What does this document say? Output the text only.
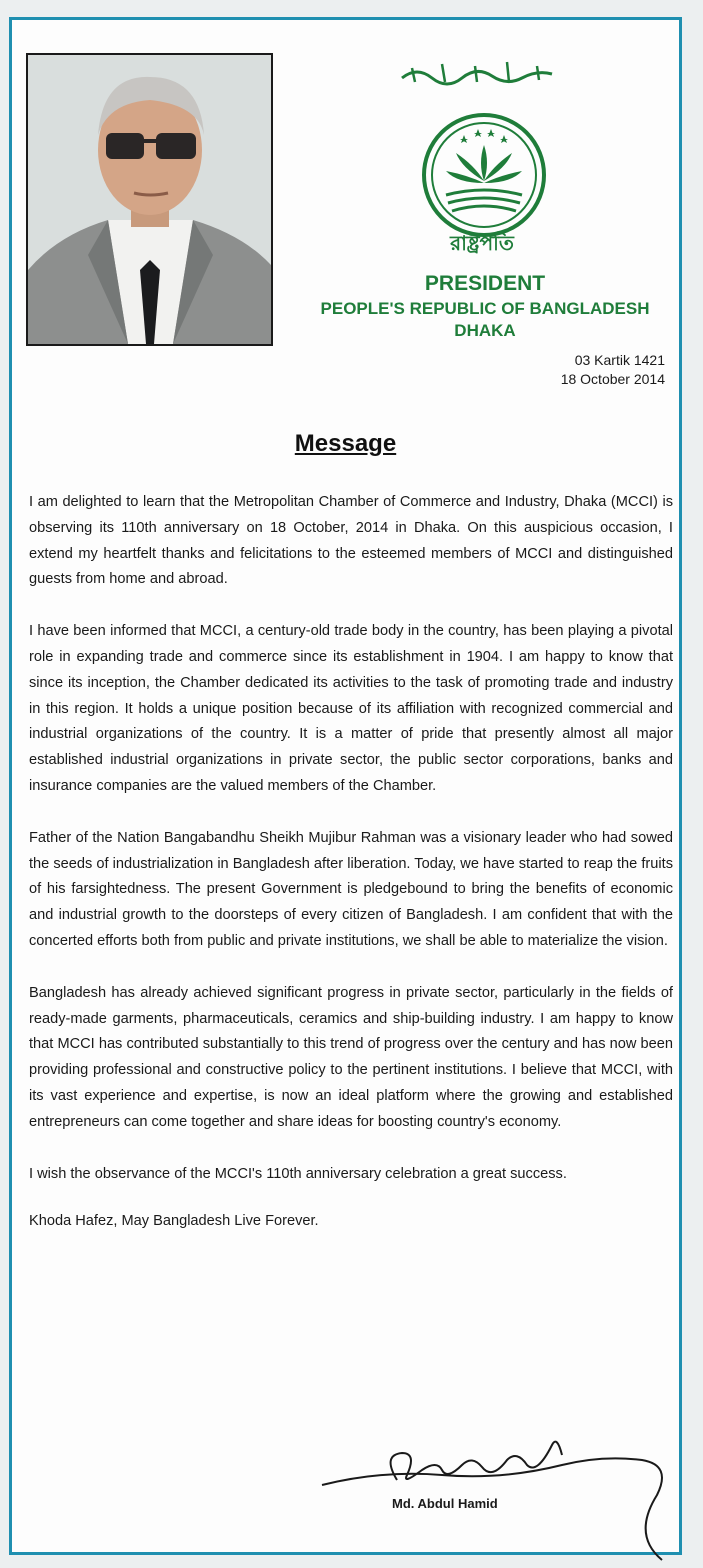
রাষ্ট্রপতি
PRESIDENT
PEOPLE'S REPUBLIC OF BANGLADESH
DHAKA
03 Kartik 1421
18 October 2014
Message

I am delighted to learn that the Metropolitan Chamber of Commerce and Industry, Dhaka (MCCI) is observing its 110th anniversary on 18 October, 2014 in Dhaka. On this auspicious occasion, I extend my heartfelt thanks and felicitations to the esteemed members of MCCI and distinguished guests from home and abroad.

I have been informed that MCCI, a century-old trade body in the country, has been playing a pivotal role in expanding trade and commerce since its establishment in 1904. I am happy to know that since its inception, the Chamber dedicated its activities to the task of promoting trade and industry in this region. It holds a unique position because of its affiliation with recognized commercial and industrial organizations of the country. It is a matter of pride that presently almost all major established industrial organizations in private sector, the public sector corporations, banks and insurance companies are the valued members of the Chamber.

Father of the Nation Bangabandhu Sheikh Mujibur Rahman was a visionary leader who had sowed the seeds of industrialization in Bangladesh after liberation. Today, we have started to reap the fruits of his farsightedness. The present Government is pledgebound to bring the benefits of economic and industrial growth to the doorsteps of every citizen of Bangladesh. I am confident that with the concerted efforts both from public and private institutions, we shall be able to materialize the vision.

Bangladesh has already achieved significant progress in private sector, particularly in the fields of ready-made garments, pharmaceuticals, ceramics and ship-building industry. I am happy to know that MCCI has contributed substantially to this trend of progress over the century and has now been providing professional and constructive policy to the pertinent institutions. I believe that MCCI, with its vast experience and expertise, is now an ideal platform where the growing and established entrepreneurs can come together and share ideas for boosting country's economy.

I wish the observance of the MCCI's 110th anniversary celebration a great success.

Khoda Hafez, May Bangladesh Live Forever.

Md. Abdul Hamid
